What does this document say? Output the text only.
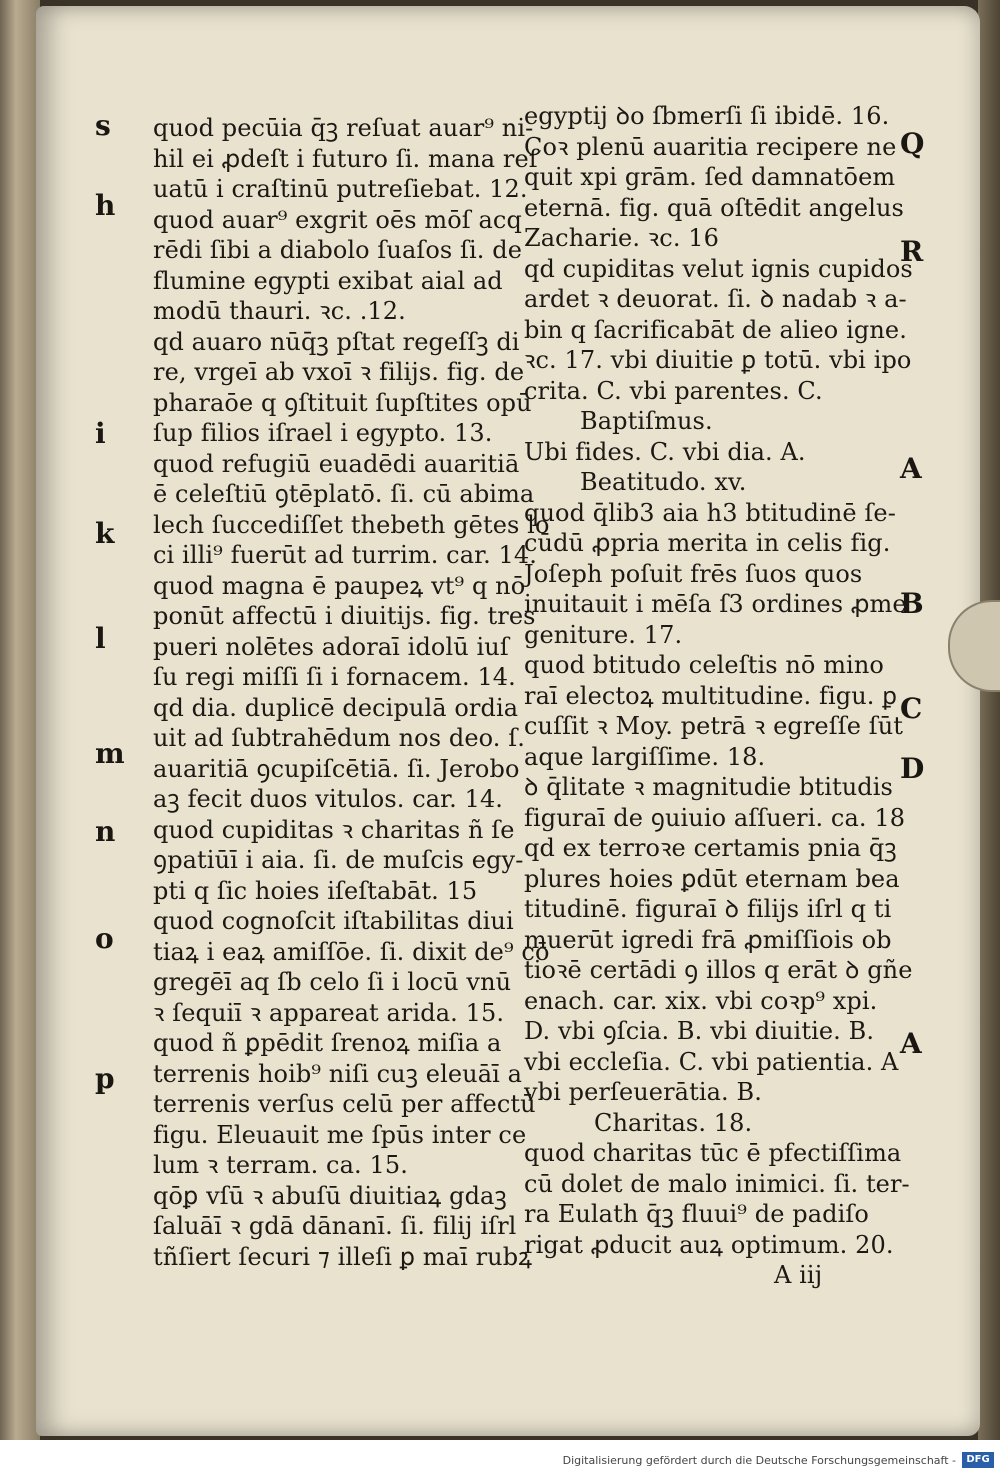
s
h
i
k
l
m
n
o
p
Q
R
A
B
C
D
A
quod pecūia q̄ꝫ reſuat auar⁹ ni-
hil ei ꝓdeſt i futuro ſi. mana reſ
uatū i craſtinū putreſiebat. 12.
quod auar⁹ exgrit oēs mōſ acq
rēdi ſibi a diabolo ſuaſos ſi. de
flumine egypti exibat aial ad
modū thauri. ꝛc. .12.
qd auaro nūq̄ꝫ pſtat regeſſꝫ di
re, vrgeī ab vxoī ꝛ filijs. fig. de
pharaōe q ꝯſtituit ſupſtites opū
ſup filios iſrael i egypto. 13.
quod refugiū euadēdi auaritiā
ē celeſtiū ꝯtēplatō. ſi. cū abima
lech ſuccediſſet thebeth gētes lo
ci illi⁹ fuerūt ad turrim. car. 14.
quod magna ē paupeꝝ vt⁹ q nō
ponūt affectū i diuitijs. fig. tres
pueri nolētes adoraī idolū iuſ
ſu regi miſſi ſi i fornacem. 14.
qd dia. duplicē decipulā ordia
uit ad ſubtrahēdum nos deo. ſ.
auaritiā ꝯcupiſcētiā. ſi. Jerobo
aꝫ fecit duos vitulos. car. 14.
quod cupiditas ꝛ charitas ñ ſe
ꝯpatiūī i aia. ſi. de muſcis egy-
pti q ſic hoies iſeſtabāt. 15
quod cognoſcit iſtabilitas diui
tiaꝝ i eaꝝ amiſſōe. ſi. dixit de⁹ cō
gregēī aq ſb celo ſi i locū vnū
ꝛ ſequiī ꝛ appareat arida. 15.
quod ñ ꝑpēdit ſrenoꝝ miſia a
terrenis hoib⁹ niſi cuꝫ eleuāī a
terrenis verſus celū per affectū
figu. Eleuauit me ſpūs inter ce
lum ꝛ terram. ca. 15.
qōꝑ vſū ꝛ abuſū diuitiaꝝ gdaꝫ
ſaluāī ꝛ gdā dānanī. ſi. filij iſrl
tñſiert ſecuri ⁊ illeſi ꝑ maī rubꝝ
egyptij ꝺo ſbmerſi ſi ibidē. 16.
Coꝛ plenū auaritia recipere ne
quit xpi grām. ſed damnatōem
eternā. fig. quā oſtēdit angelus
Zacharie. ꝛc. 16
qd cupiditas velut ignis cupidos
ardet ꝛ deuorat. ſi. ꝺ nadab ꝛ a-
bin q ſacrificabāt de alieo igne.
ꝛc. 17. vbi diuitie ꝑ totū. vbi ipo
crita. C. vbi parentes. C.
Baptiſmus.
Ubi fides. C. vbi dia. A.
Beatitudo. xv.
quod q̄lib3 aia h3 btitudinē ſe-
cūdū ꝓpria merita in celis fig.
Joſeph poſuit frēs ſuos quos
inuitauit i mēſa ſ3 ordines ꝓme
geniture. 17.
quod btitudo celeſtis nō mino
raī electoꝝ multitudine. figu. ꝑ
cuſſit ꝛ Moy. petrā ꝛ egreſſe ſūt
aque largiſſime. 18.
ꝺ q̄litate ꝛ magnitudie btitudis
figuraī de ꝯuiuio aſſueri. ca. 18
qd ex terroꝛe certamis pnia q̄ꝫ
plures hoies ꝑdūt eternam bea
titudinē. figuraī ꝺ filijs iſrl q ti
muerūt igredi frā ꝓmiſſiois ob
tioꝛē certādi ꝯ illos q erāt ꝺ gñe
enach. car. xix. vbi coꝛp⁹ xpi.
D. vbi ꝯſcia. B. vbi diuitie. B.
vbi eccleſia. C. vbi patientia. A
vbi perſeuerātia. B.
Charitas. 18.
quod charitas tūc ē pfectiſſima
cū dolet de malo inimici. ſi. ter-
ra Eulath q̄ꝫ fluui⁹ de padiſo
rigat ꝓducit auꝝ optimum. 20.
A iij
Digitalisierung gefördert durch die Deutsche Forschungsgemeinschaft -	DFG
